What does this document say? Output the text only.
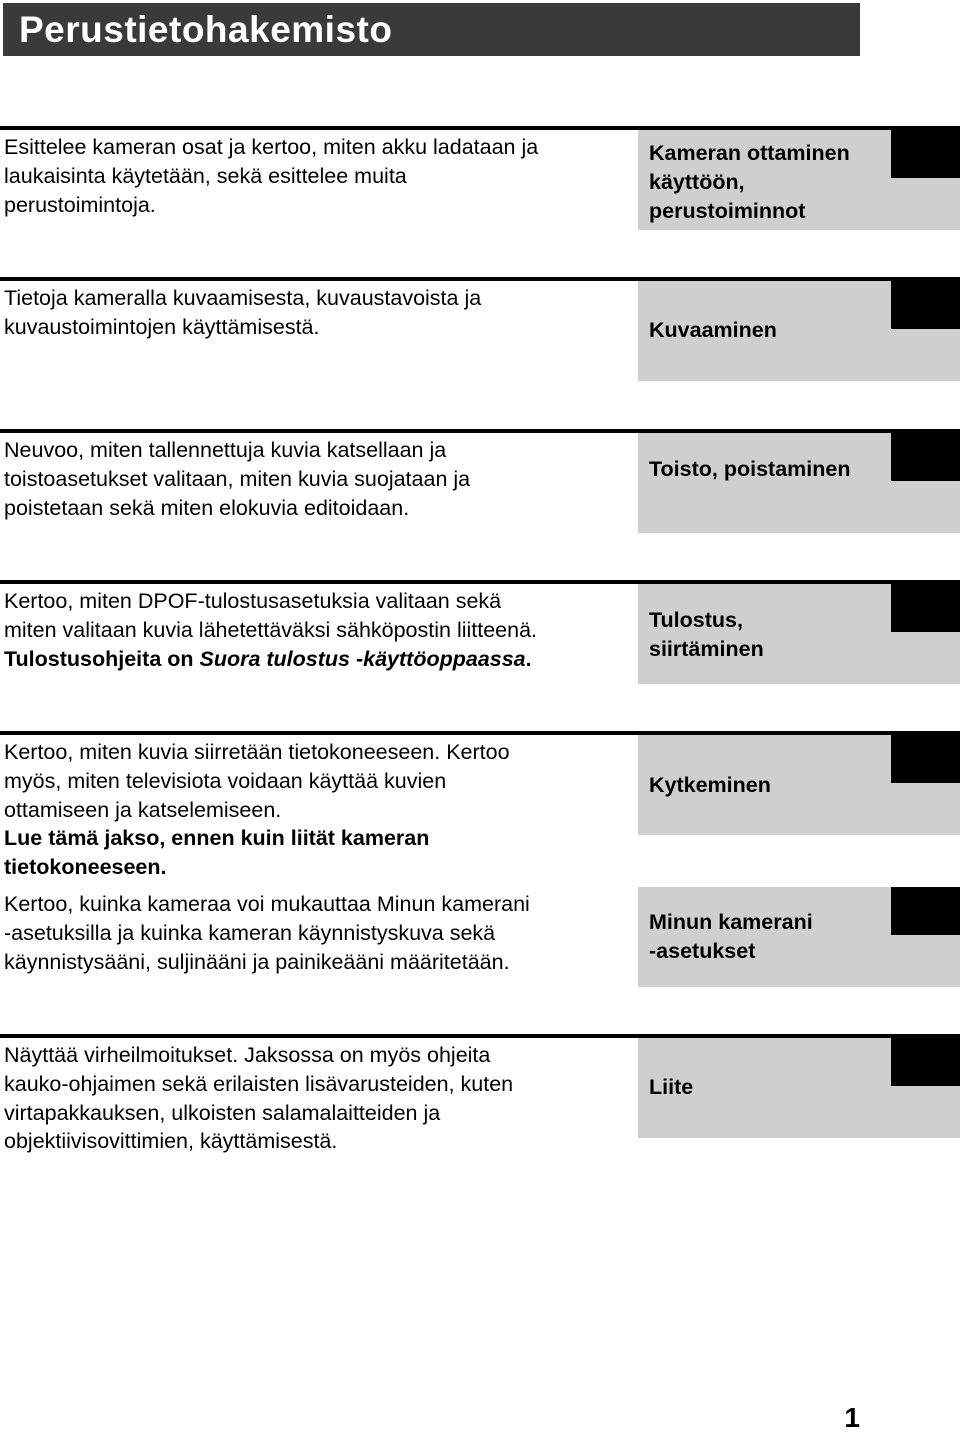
Perustietohakemisto

Esittelee kameran osat ja kertoo, miten akku ladataan ja

laukaisinta käytetään, sekä esittelee muita

perustoimintoja.

Kameran ottaminen
käyttöön,
perustoiminnot

Tietoja kameralla kuvaamisesta, kuvaustavoista ja

kuvaustoimintojen käyttämisestä.	Kuvaaminen

Neuvoo, miten tallennettuja kuvia katsellaan ja

toistoasetukset valitaan, miten kuvia suojataan ja

poistetaan sekä miten elokuvia editoidaan.

Toisto, poistaminen

Kertoo, miten DPOF-tulostusasetuksia valitaan sekä

miten valitaan kuvia lähetettäväksi sähköpostin liitteenä.

Tulostusohjeita on Suora tulostus -käyttöoppaassa.

Tulostus,
siirtäminen

Kertoo, miten kuvia siirretään tietokoneeseen. Kertoo

myös, miten televisiota voidaan käyttää kuvien

ottamiseen ja katselemiseen.

Lue tämä jakso, ennen kuin liität kameran

tietokoneeseen.

Kytkeminen

Kertoo, kuinka kameraa voi mukauttaa Minun kamerani

-asetuksilla ja kuinka kameran käynnistyskuva sekä

käynnistysääni, suljinääni ja painikeääni määritetään.

Minun kamerani
-asetukset

Näyttää virheilmoitukset. Jaksossa on myös ohjeita

kauko-ohjaimen sekä erilaisten lisävarusteiden, kuten

virtapakkauksen, ulkoisten salamalaitteiden ja

objektiivisovittimien, käyttämisestä.

Liite
1
